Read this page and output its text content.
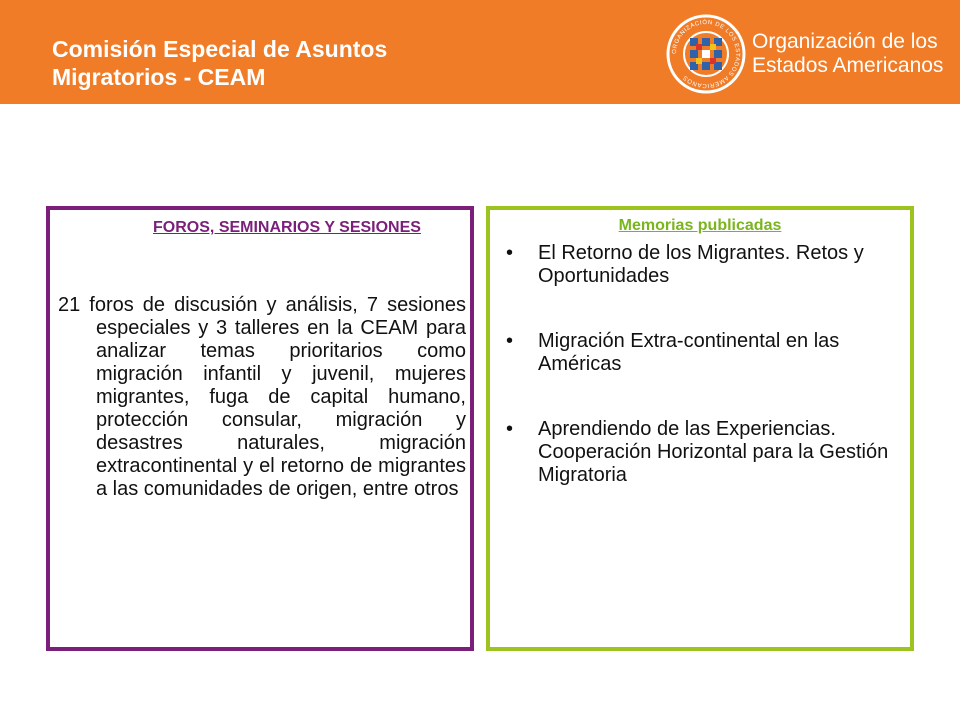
Comisión Especial de Asuntos
Migratorios - CEAM
ORGANIZACIÓN DE LOS ESTADOS AMERICANOS
Organización de los
Estados Americanos
FOROS, SEMINARIOS Y SESIONES
21 foros de discusión y análisis, 7 sesiones especiales y 3 talleres en la CEAM para analizar temas prioritarios como migración infantil y juvenil, mujeres migrantes, fuga de capital humano, protección consular, migración y desastres naturales, migración extracontinental y el retorno de migrantes a las comunidades de origen, entre otros
Memorias publicadas
• El Retorno de los Migrantes. Retos y Oportunidades
• Migración Extra-continental en las Américas
• Aprendiendo de las Experiencias. Cooperación Horizontal para la Gestión Migratoria
